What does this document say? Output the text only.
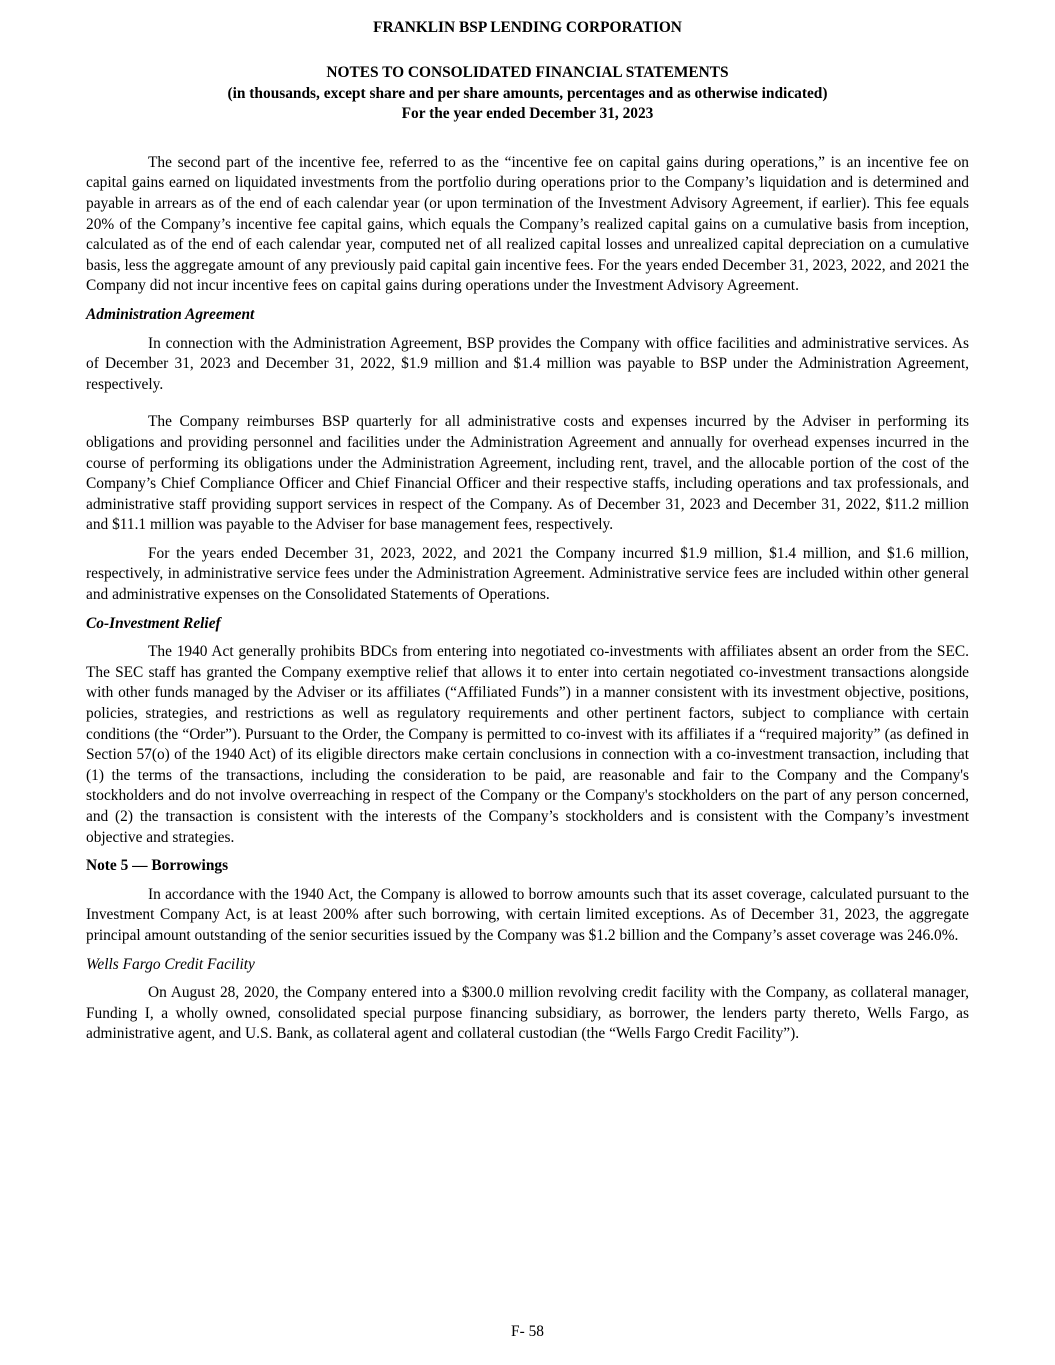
FRANKLIN BSP LENDING CORPORATION
NOTES TO CONSOLIDATED FINANCIAL STATEMENTS
(in thousands, except share and per share amounts, percentages and as otherwise indicated)
For the year ended December 31, 2023

The second part of the incentive fee, referred to as the “incentive fee on capital gains during operations,” is an incentive fee on capital gains earned on liquidated investments from the portfolio during operations prior to the Company’s liquidation and is determined and payable in arrears as of the end of each calendar year (or upon termination of the Investment Advisory Agreement, if earlier). This fee equals 20% of the Company’s incentive fee capital gains, which equals the Company’s realized capital gains on a cumulative basis from inception, calculated as of the end of each calendar year, computed net of all realized capital losses and unrealized capital depreciation on a cumulative basis, less the aggregate amount of any previously paid capital gain incentive fees. For the years ended December 31, 2023, 2022, and 2021 the Company did not incur incentive fees on capital gains during operations under the Investment Advisory Agreement.

Administration Agreement

In connection with the Administration Agreement, BSP provides the Company with office facilities and administrative services. As of December 31, 2023 and December 31, 2022, $1.9 million and $1.4 million was payable to BSP under the Administration Agreement, respectively.

The Company reimburses BSP quarterly for all administrative costs and expenses incurred by the Adviser in performing its obligations and providing personnel and facilities under the Administration Agreement and annually for overhead expenses incurred in the course of performing its obligations under the Administration Agreement, including rent, travel, and the allocable portion of the cost of the Company’s Chief Compliance Officer and Chief Financial Officer and their respective staffs, including operations and tax professionals, and administrative staff providing support services in respect of the Company. As of December 31, 2023 and December 31, 2022, $11.2 million and $11.1 million was payable to the Adviser for base management fees, respectively.

For the years ended December 31, 2023, 2022, and 2021 the Company incurred $1.9 million, $1.4 million, and $1.6 million, respectively, in administrative service fees under the Administration Agreement. Administrative service fees are included within other general and administrative expenses on the Consolidated Statements of Operations.

Co-Investment Relief

The 1940 Act generally prohibits BDCs from entering into negotiated co-investments with affiliates absent an order from the SEC. The SEC staff has granted the Company exemptive relief that allows it to enter into certain negotiated co-investment transactions alongside with other funds managed by the Adviser or its affiliates (“Affiliated Funds”) in a manner consistent with its investment objective, positions, policies, strategies, and restrictions as well as regulatory requirements and other pertinent factors, subject to compliance with certain conditions (the “Order”). Pursuant to the Order, the Company is permitted to co-invest with its affiliates if a “required majority” (as defined in Section 57(o) of the 1940 Act) of its eligible directors make certain conclusions in connection with a co-investment transaction, including that (1) the terms of the transactions, including the consideration to be paid, are reasonable and fair to the Company and the Company's stockholders and do not involve overreaching in respect of the Company or the Company's stockholders on the part of any person concerned, and (2) the transaction is consistent with the interests of the Company’s stockholders and is consistent with the Company’s investment objective and strategies.

Note 5 — Borrowings

In accordance with the 1940 Act, the Company is allowed to borrow amounts such that its asset coverage, calculated pursuant to the Investment Company Act, is at least 200% after such borrowing, with certain limited exceptions. As of December 31, 2023, the aggregate principal amount outstanding of the senior securities issued by the Company was $1.2 billion and the Company’s asset coverage was 246.0%.

Wells Fargo Credit Facility

On August 28, 2020, the Company entered into a $300.0 million revolving credit facility with the Company, as collateral manager, Funding I, a wholly owned, consolidated special purpose financing subsidiary, as borrower, the lenders party thereto, Wells Fargo, as administrative agent, and U.S. Bank, as collateral agent and collateral custodian (the “Wells Fargo Credit Facility”).

F- 58
